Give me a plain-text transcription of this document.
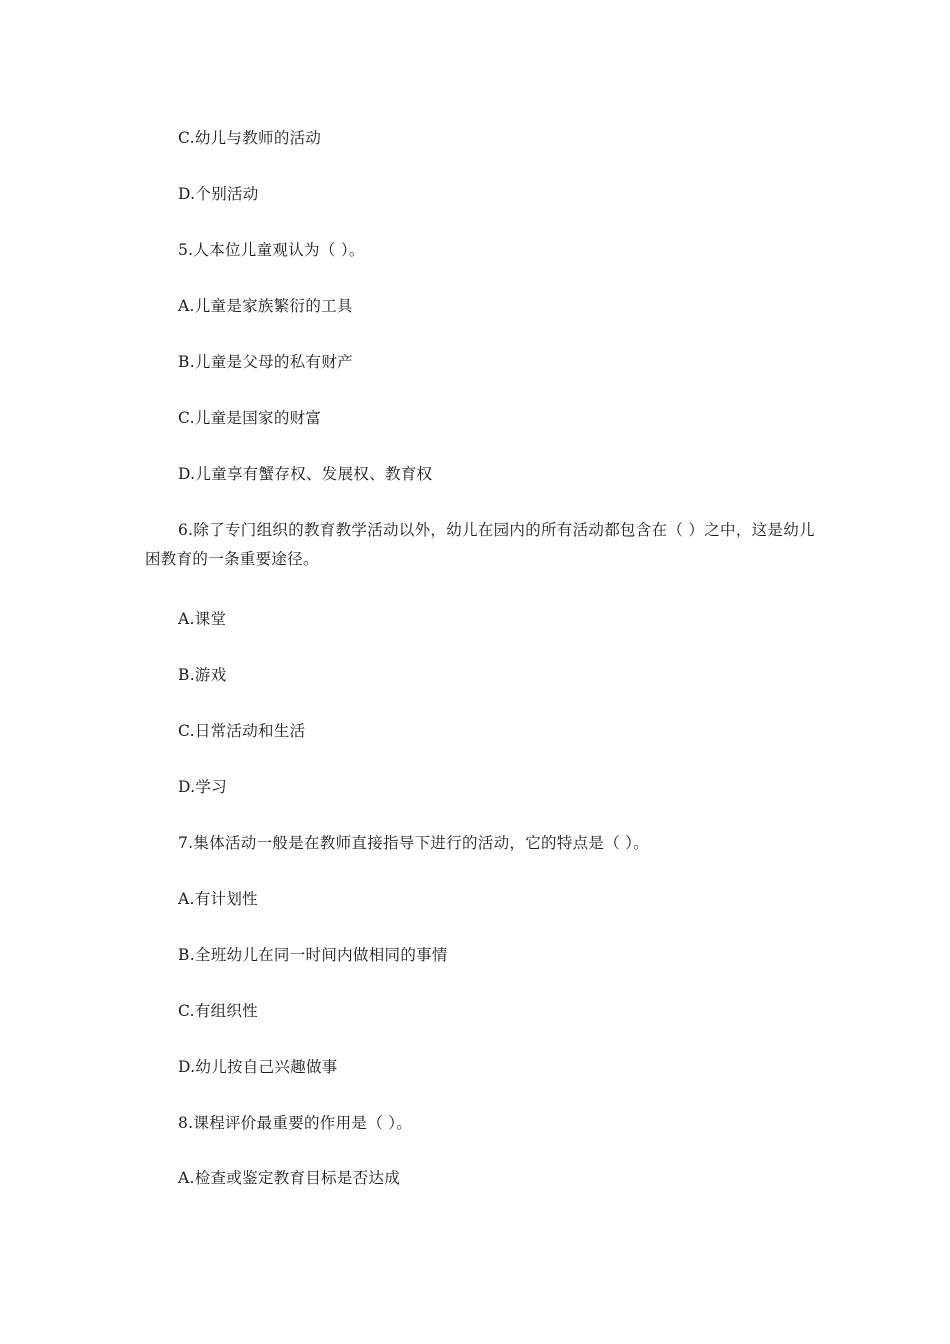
C.幼儿与教师的活动
D.个别活动
5.人本位儿童观认为（ ）。
A.儿童是家族繁衍的工具
B.儿童是父母的私有财产
C.儿童是国家的财富
D.儿童享有蟹存权、发展权、教育权
6.除了专门组织的教育教学活动以外，幼儿在园内的所有活动都包含在（ ）之中，这是幼儿困教育的一条重要途径。
A.课堂
B.游戏
C.日常活动和生活
D.学习
7.集体活动一般是在教师直接指导下进行的活动，它的特点是（ ）。
A.有计划性
B.全班幼儿在同一时间内做相同的事情
C.有组织性
D.幼儿按自己兴趣做事
8.课程评价最重要的作用是（ ）。
A.检查或鉴定教育目标是否达成
